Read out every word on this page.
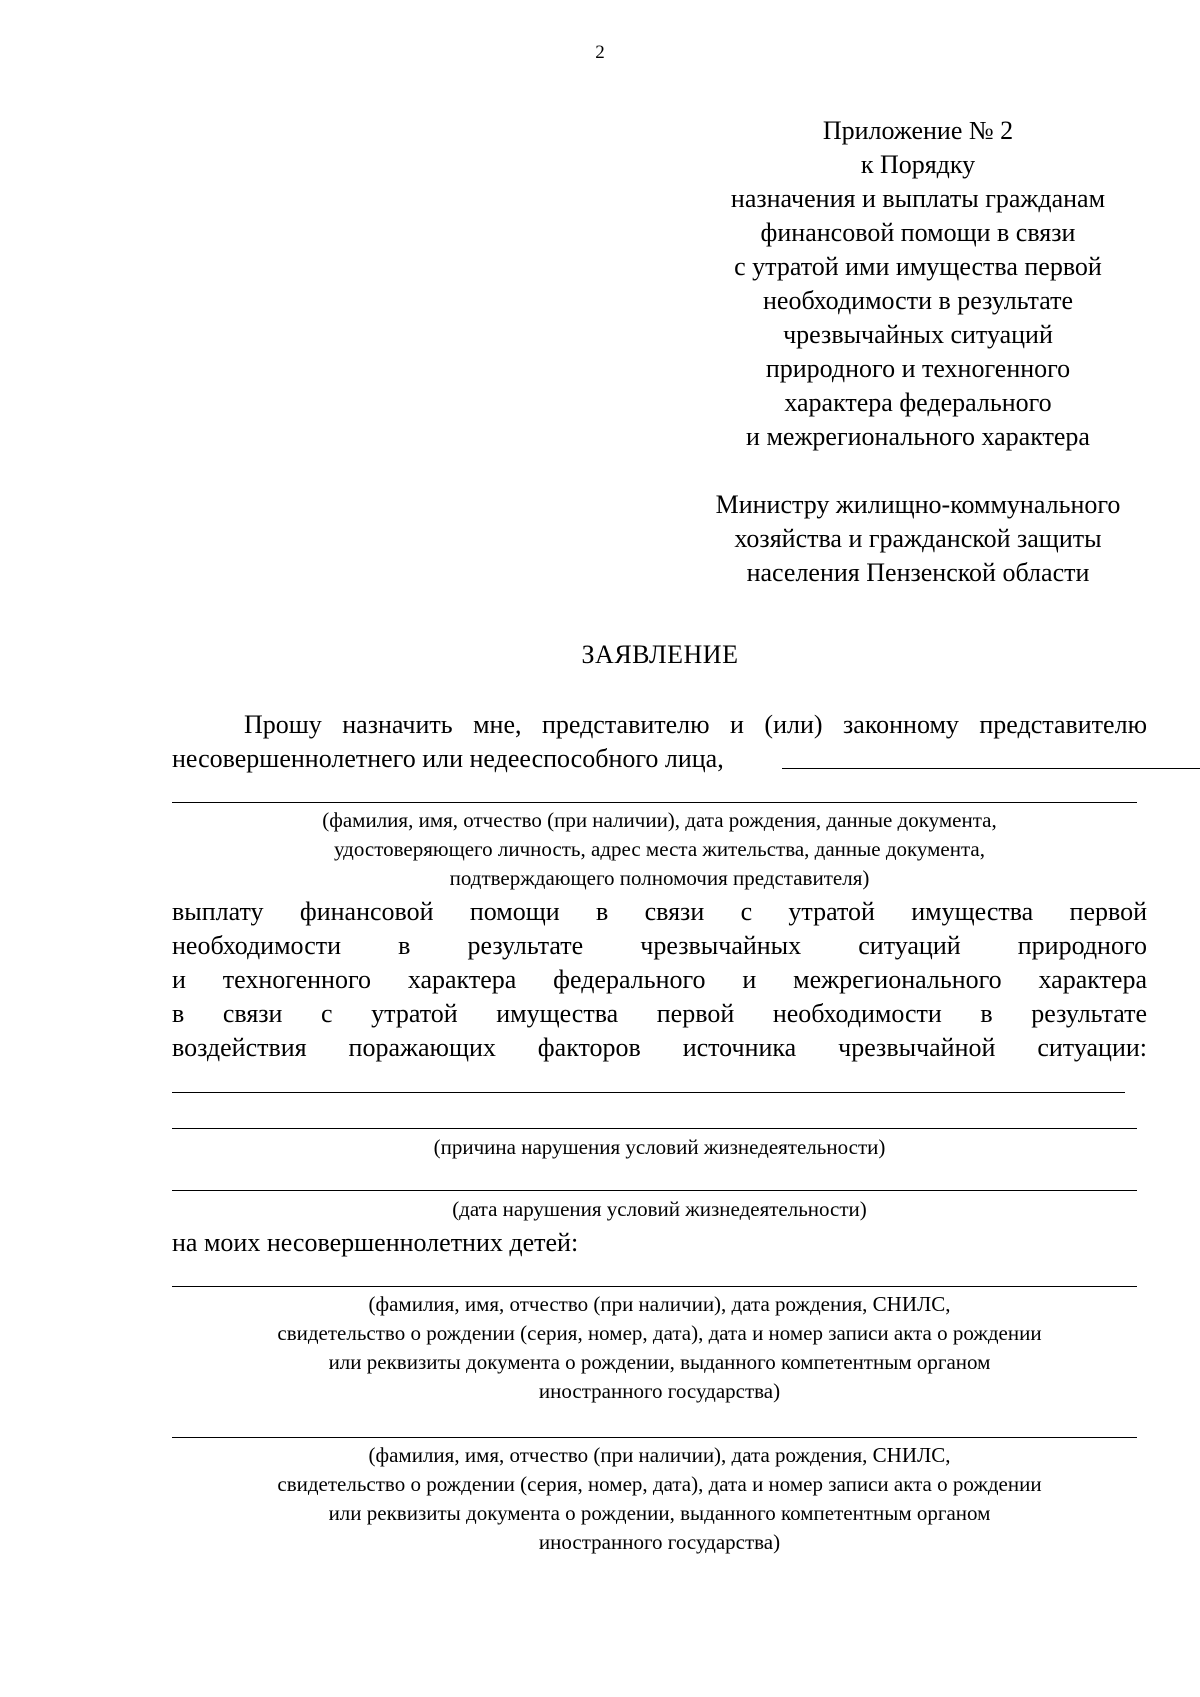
2
Приложение № 2
к Порядку
назначения и выплаты гражданам
финансовой помощи в связи
с утратой ими имущества первой
необходимости в результате
чрезвычайных ситуаций
природного и техногенного
характера федерального
и межрегионального характера
Министру жилищно-коммунального
хозяйства и гражданской защиты
населения Пензенской области
ЗАЯВЛЕНИЕ
Прошу назначить мне, представителю и (или) законному представителю
несовершеннолетнего или недееспособного лица,
(фамилия, имя, отчество (при наличии), дата рождения, данные документа,
удостоверяющего личность, адрес места жительства, данные документа,
подтверждающего полномочия представителя)
выплату финансовой помощи в связи с утратой имущества первой
необходимости в результате чрезвычайных ситуаций природного
и техногенного характера федерального и межрегионального характера
в связи с утратой имущества первой необходимости в результате
воздействия поражающих факторов источника чрезвычайной ситуации:
(причина нарушения условий жизнедеятельности)
(дата нарушения условий жизнедеятельности)
на моих несовершеннолетних детей:
(фамилия, имя, отчество (при наличии), дата рождения, СНИЛС,
свидетельство о рождении (серия, номер, дата), дата и номер записи акта о рождении
или реквизиты документа о рождении, выданного компетентным органом
иностранного государства)
(фамилия, имя, отчество (при наличии), дата рождения, СНИЛС,
свидетельство о рождении (серия, номер, дата), дата и номер записи акта о рождении
или реквизиты документа о рождении, выданного компетентным органом
иностранного государства)
